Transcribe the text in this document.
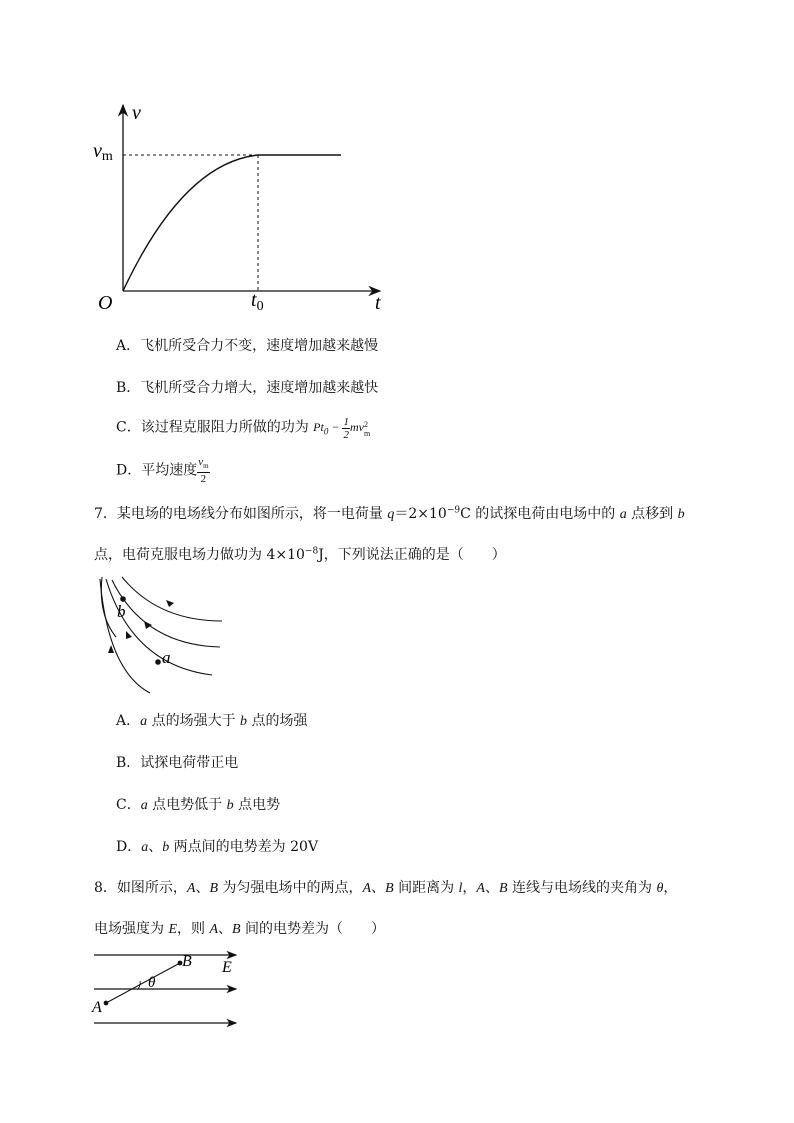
v
t
O
vm
$t_0$
A．飞机所受合力不变，速度增加越来越慢
B．飞机所受合力增大，速度增加越来越快
C．该过程克服阻力所做的功为 $Pt_0 - \frac{1}{2}$ mv 2
m
D．平均速度 $\frac{v_m}{2}$
7．某电场的电场线分布如图所示，将一电荷量 $q=2\times 10^{-9}C$ 的试探电荷由电场中的 a 点移到 b
点，电荷克服电场力做功为 $4\times 10^{-8}J$，下列说法正确的是（　　）
b
a
A．a 点的场强大于 b 点的场强
B．试探电荷带正电
C．a 点电势低于 b 点电势
D．a、b 两点间的电势差为 20V
8．如图所示，A、B 为匀强电场中的两点，A、B 间距离为 l，A、B 连线与电场线的夹角为 θ，
电场强度为 E，则 A、B 间的电势差为（　　）
A
B E
θ
